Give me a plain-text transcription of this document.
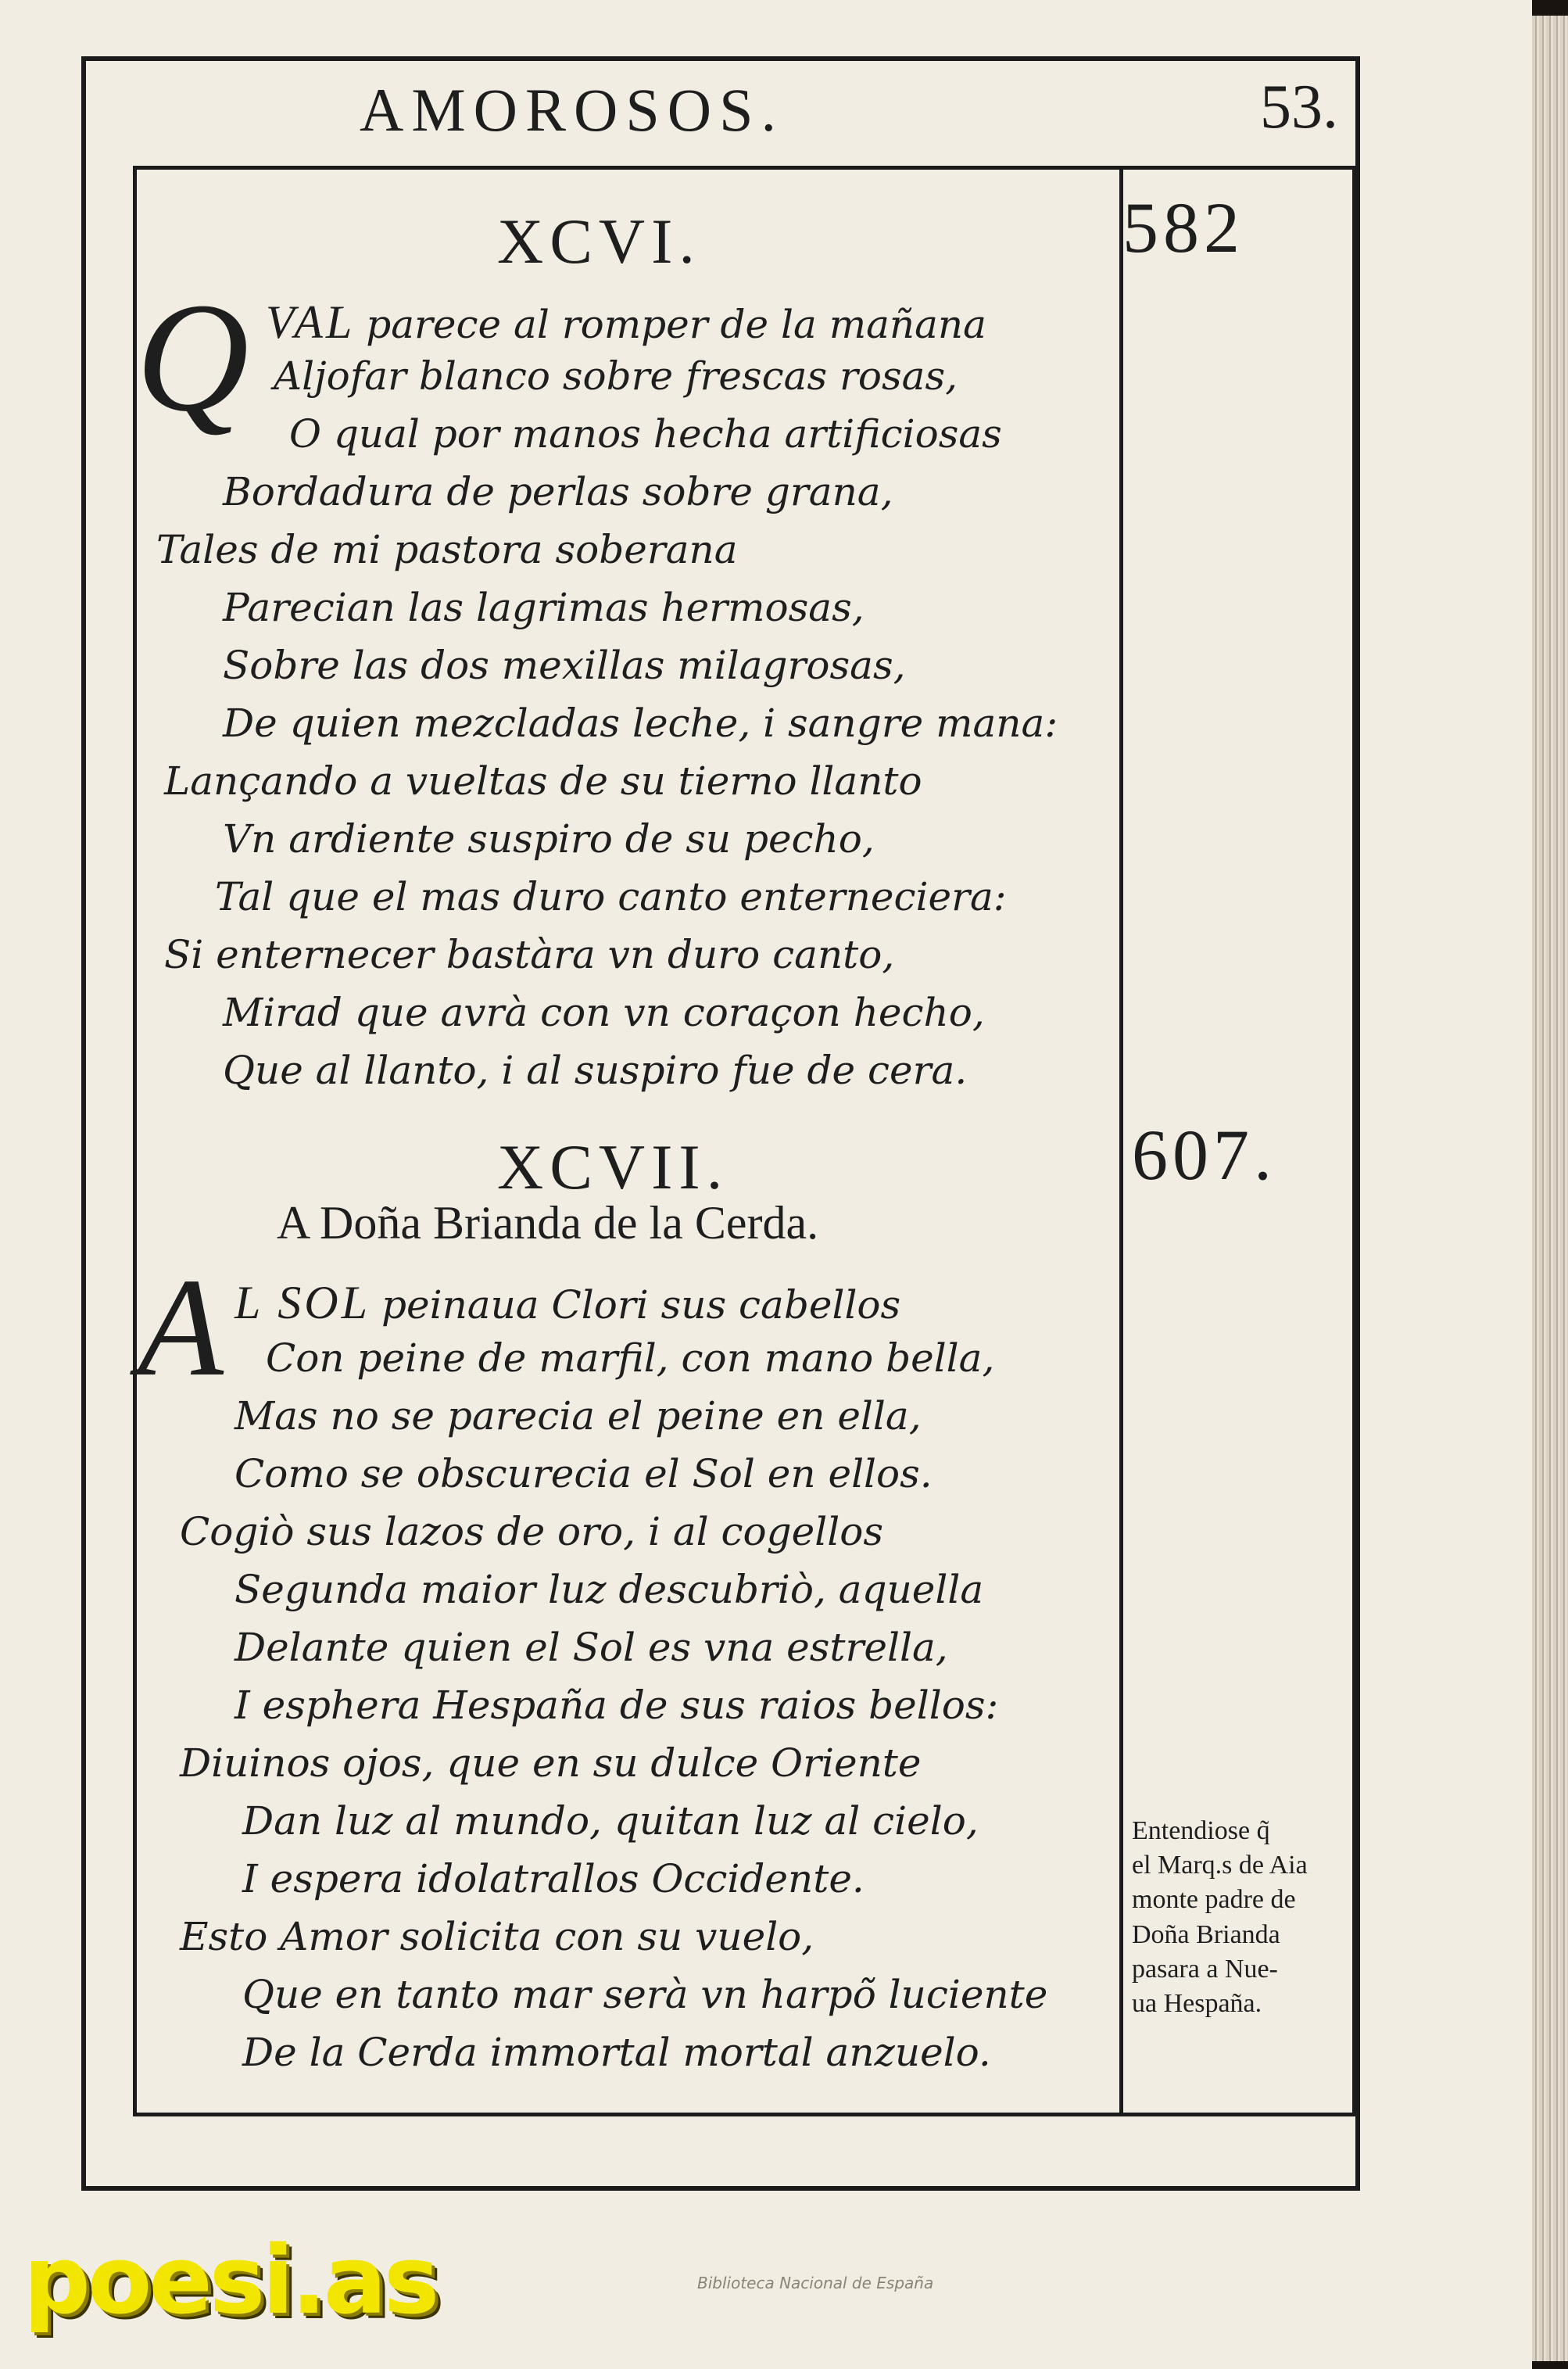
AMOROSOS.	53.
XCVI.	582
Q VAL parece al romper de la mañana
Aljofar blanco sobre frescas rosas,
O qual por manos hecha artificiosas
Bordadura de perlas sobre grana,
Tales de mi pastora soberana
Parecian las lagrimas hermosas,
Sobre las dos mexillas milagrosas,
De quien mezcladas leche, i sangre mana:
Lançando a vueltas de su tierno llanto
Vn ardiente suspiro de su pecho,
Tal que el mas duro canto enterneciera:
Si enternecer bastàra vn duro canto,
Mirad que avrà con vn coraçon hecho,
Que al llanto, i al suspiro fue de cera.
XCVII.	607.
A Doña Brianda de la Cerda.
A L SOL peinaua Clori sus cabellos
Con peine de marfil, con mano bella,
Mas no se parecia el peine en ella,
Como se obscurecia el Sol en ellos.
Cogiò sus lazos de oro, i al cogellos
Segunda maior luz descubriò, aquella
Delante quien el Sol es vna estrella,
I esphera Hespaña de sus raios bellos:
Diuinos ojos, que en su dulce Oriente
Dan luz al mundo, quitan luz al cielo,
I espera idolatrallos Occidente.
Esto Amor solicita con su vuelo,
Que en tanto mar serà vn harpõ luciente
De la Cerda immortal mortal anzuelo.
Entendiose q̃
el Marq.s de Aia
monte padre de
Doña Brianda
pasara a Nue-
ua Hespaña.
poesi.as	Biblioteca Nacional de España
